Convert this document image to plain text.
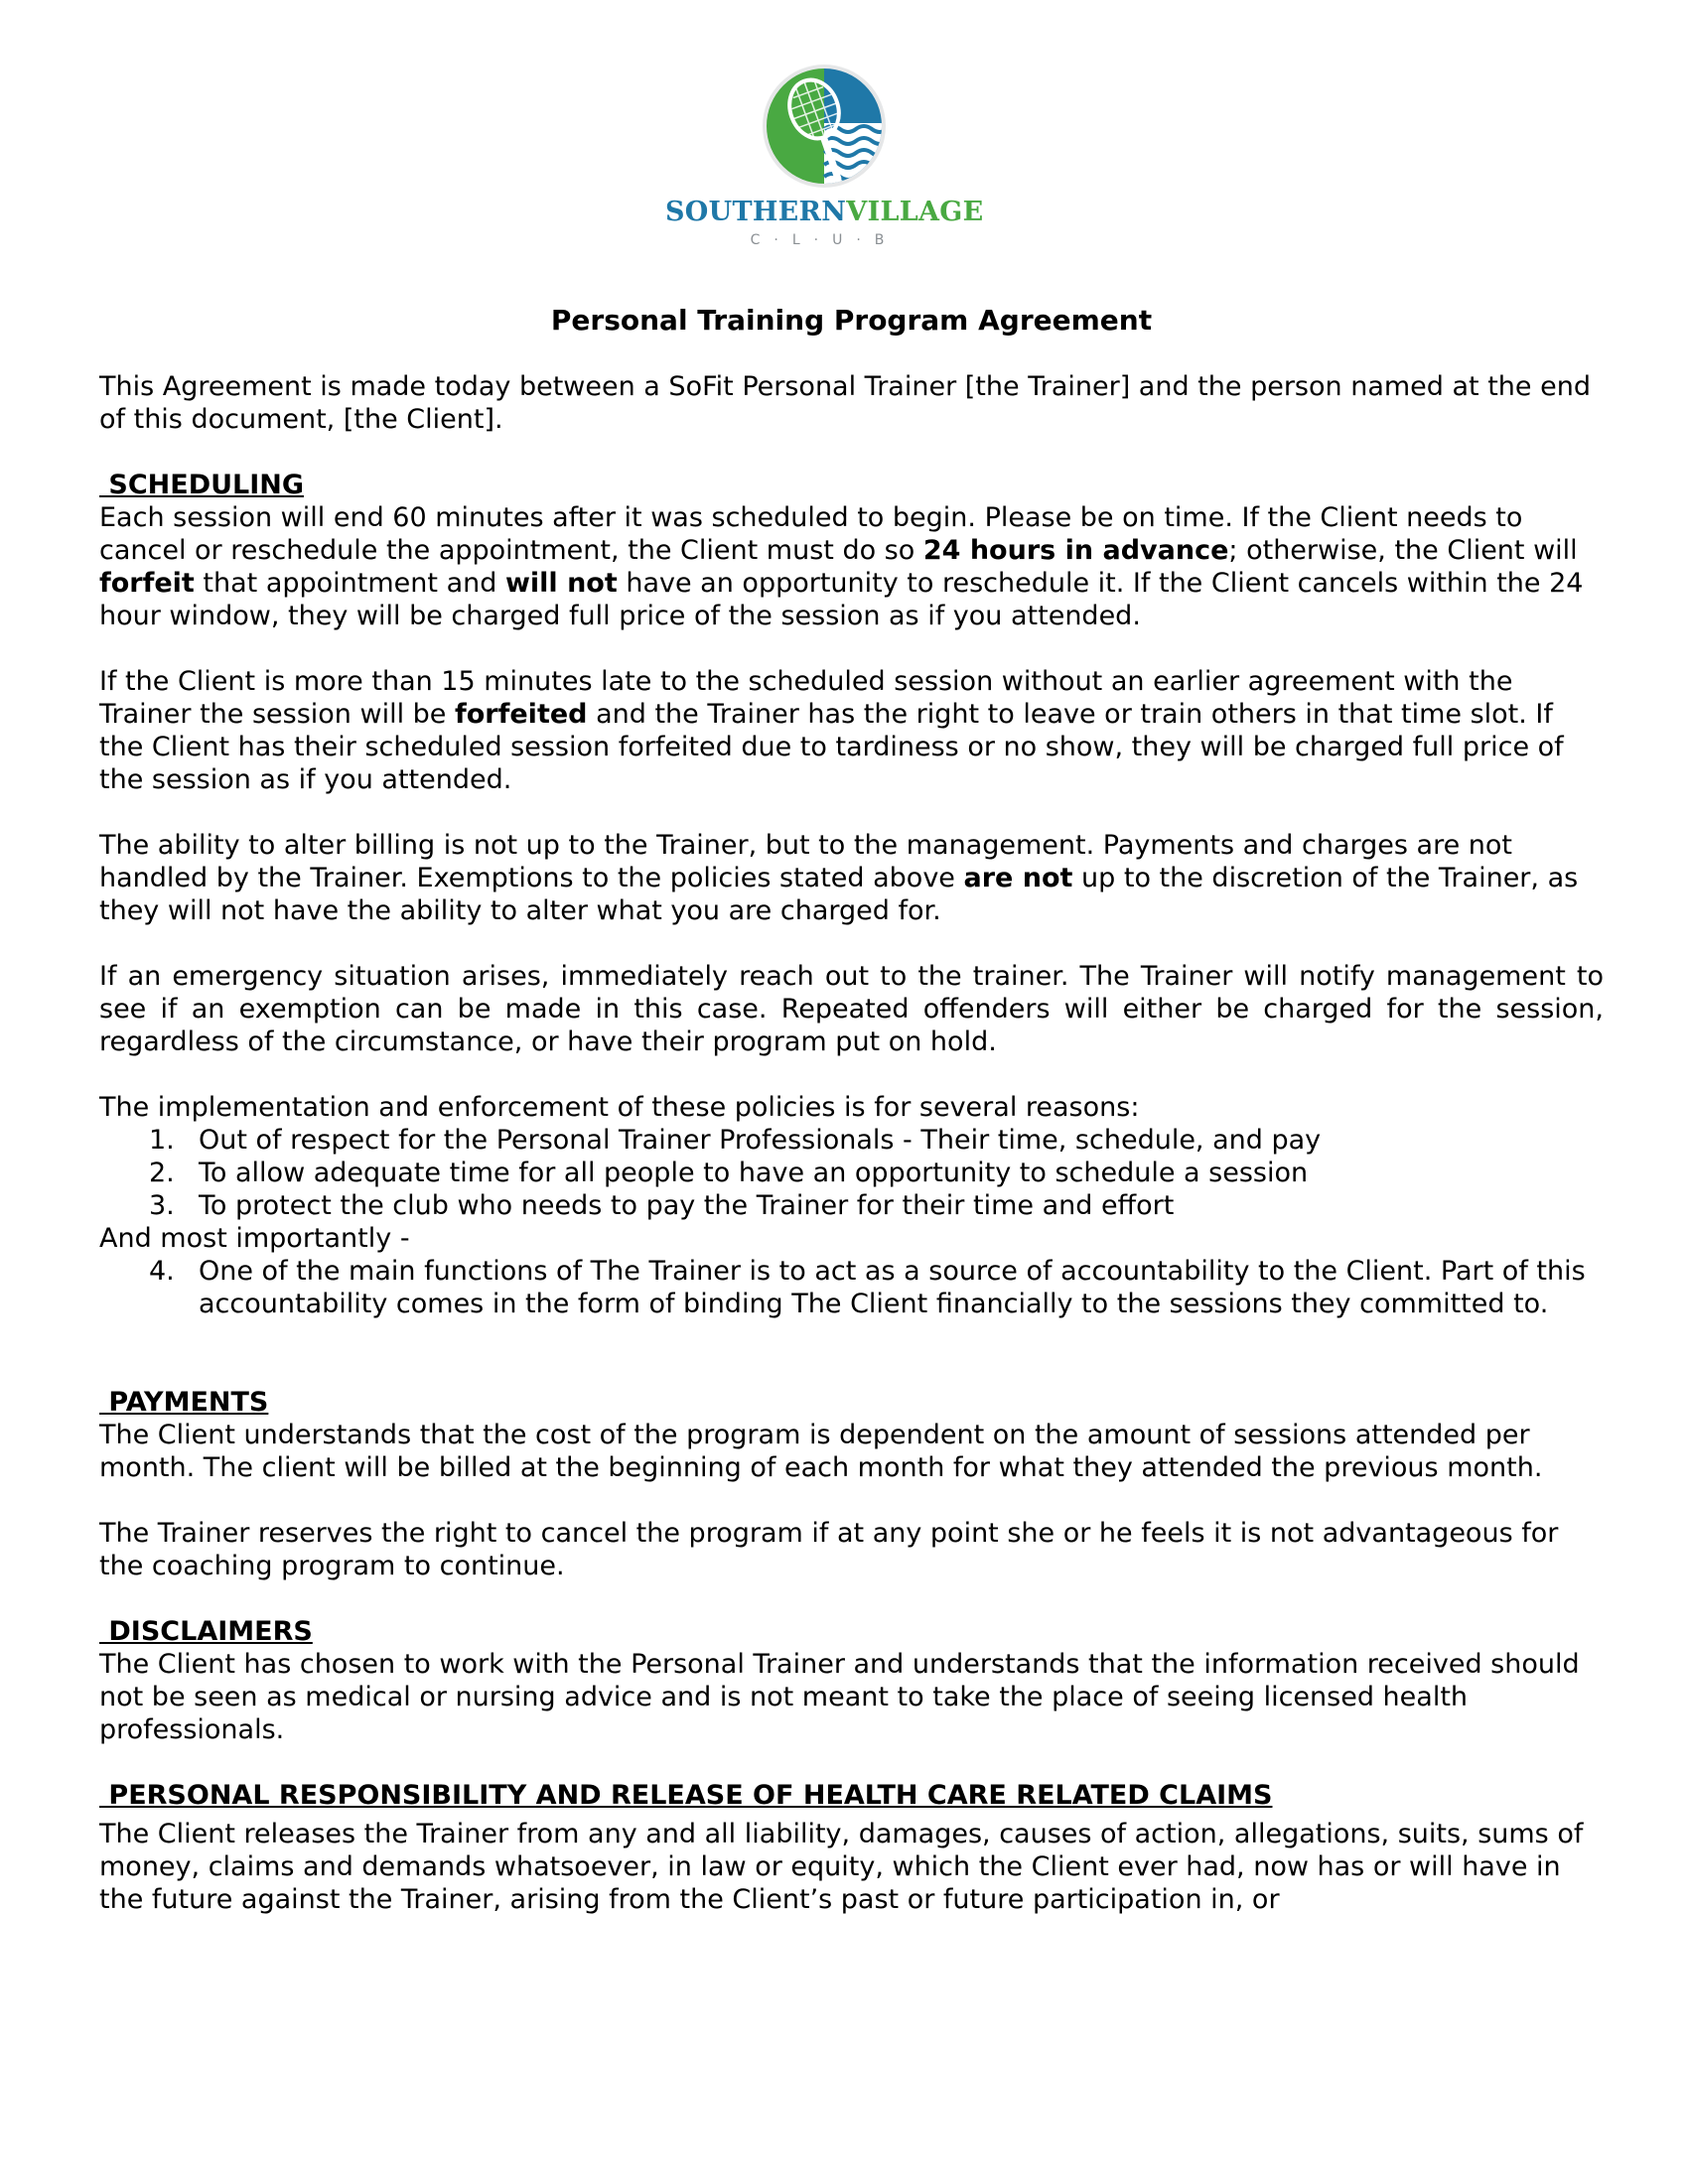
SOUTHERNVILLAGE
C·L·U·B
Personal Training Program Agreement

This Agreement is made today between a SoFit Personal Trainer [the Trainer] and the person named at the end of this document, [the Client].

SCHEDULING

Each session will end 60 minutes after it was scheduled to begin. Please be on time. If the Client needs to cancel or reschedule the appointment, the Client must do so 24 hours in advance; otherwise, the Client will forfeit that appointment and will not have an opportunity to reschedule it. If the Client cancels within the 24 hour window, they will be charged full price of the session as if you attended.

If the Client is more than 15 minutes late to the scheduled session without an earlier agreement with the Trainer the session will be forfeited and the Trainer has the right to leave or train others in that time slot. If the Client has their scheduled session forfeited due to tardiness or no show, they will be charged full price of the session as if you attended.

The ability to alter billing is not up to the Trainer, but to the management. Payments and charges are not handled by the Trainer. Exemptions to the policies stated above are not up to the discretion of the Trainer, as they will not have the ability to alter what you are charged for.

If an emergency situation arises, immediately reach out to the trainer. The Trainer will notify management to see if an exemption can be made in this case. Repeated offenders will either be charged for the session, regardless of the circumstance, or have their program put on hold.

The implementation and enforcement of these policies is for several reasons:
1. Out of respect for the Personal Trainer Professionals - Their time, schedule, and pay
2. To allow adequate time for all people to have an opportunity to schedule a session
3. To protect the club who needs to pay the Trainer for their time and effort
And most importantly -
4. One of the main functions of The Trainer is to act as a source of accountability to the Client. Part of this accountability comes in the form of binding The Client financially to the sessions they committed to.
PAYMENTS

The Client understands that the cost of the program is dependent on the amount of sessions attended per month. The client will be billed at the beginning of each month for what they attended the previous month.

The Trainer reserves the right to cancel the program if at any point she or he feels it is not advantageous for the coaching program to continue.

DISCLAIMERS

The Client has chosen to work with the Personal Trainer and understands that the information received should not be seen as medical or nursing advice and is not meant to take the place of seeing licensed health professionals.

PERSONAL RESPONSIBILITY AND RELEASE OF HEALTH CARE RELATED CLAIMS

The Client releases the Trainer from any and all liability, damages, causes of action, allegations, suits, sums of money, claims and demands whatsoever, in law or equity, which the Client ever had, now has or will have in the future against the Trainer, arising from the Client’s past or future participation in, or
